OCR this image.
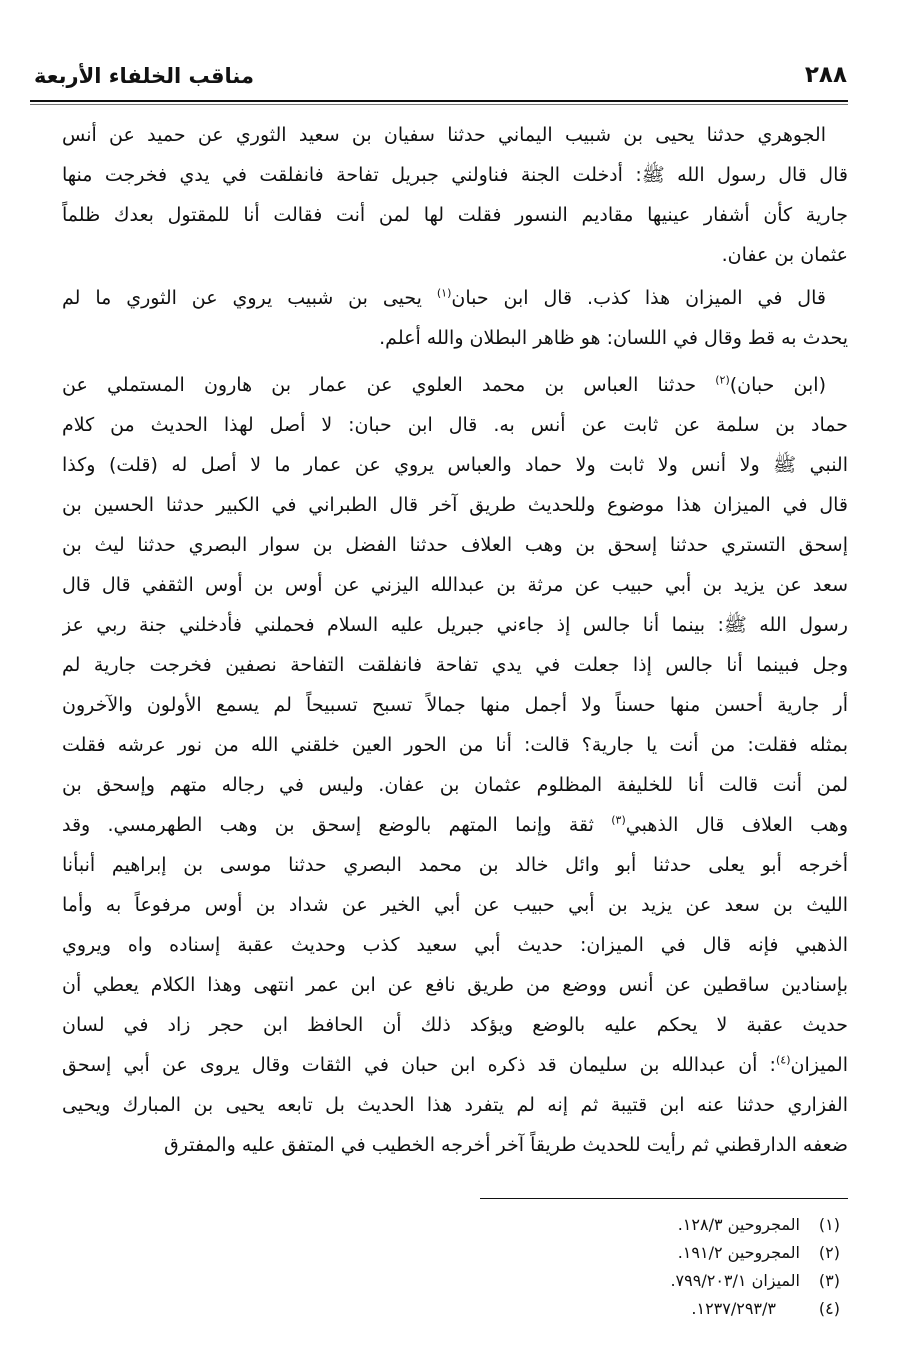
مناقب الخلفاء الأربعة	٢٨٨
الجوهري حدثنا يحيى بن شبيب اليماني حدثنا سفيان بن سعيد الثوري عن حميد عن أنس
قال قال رسول الله ﷺ: أدخلت الجنة فناولني جبريل تفاحة فانفلقت في يدي فخرجت منها
جارية كأن أشفار عينيها مقاديم النسور فقلت لها لمن أنت فقالت أنا للمقتول بعدك ظلماً
عثمان بن عفان.
قال في الميزان هذا كذب. قال ابن حبان$^{(١)}$ يحيى بن شبيب يروي عن الثوري ما لم
يحدث به قط وقال في اللسان: هو ظاهر البطلان والله أعلم.
(ابن حبان)$^{(٢)}$ حدثنا العباس بن محمد العلوي عن عمار بن هارون المستملي عن
حماد بن سلمة عن ثابت عن أنس به. قال ابن حبان: لا أصل لهذا الحديث من كلام
النبي ﷺ ولا أنس ولا ثابت ولا حماد والعباس يروي عن عمار ما لا أصل له (قلت) وكذا
قال في الميزان هذا موضوع وللحديث طريق آخر قال الطبراني في الكبير حدثنا الحسين بن
إسحق التستري حدثنا إسحق بن وهب العلاف حدثنا الفضل بن سوار البصري حدثنا ليث بن
سعد عن يزيد بن أبي حبيب عن مرثة بن عبدالله اليزني عن أوس بن أوس الثقفي قال قال
رسول الله ﷺ: بينما أنا جالس إذ جاءني جبريل عليه السلام فحملني فأدخلني جنة ربي عز
وجل فبينما أنا جالس إذا جعلت في يدي تفاحة فانفلقت التفاحة نصفين فخرجت جارية لم
أر جارية أحسن منها حسناً ولا أجمل منها جمالاً تسبح تسبيحاً لم يسمع الأولون والآخرون
بمثله فقلت: من أنت يا جارية؟ قالت: أنا من الحور العين خلقني الله من نور عرشه فقلت
لمن أنت قالت أنا للخليفة المظلوم عثمان بن عفان. وليس في رجاله متهم وإسحق بن
وهب العلاف قال الذهبي$^{(٣)}$ ثقة وإنما المتهم بالوضع إسحق بن وهب الطهرمسي. وقد
أخرجه أبو يعلى حدثنا أبو وائل خالد بن محمد البصري حدثنا موسى بن إبراهيم أنبأنا
الليث بن سعد عن يزيد بن أبي حبيب عن أبي الخير عن شداد بن أوس مرفوعاً به وأما
الذهبي فإنه قال في الميزان: حديث أبي سعيد كذب وحديث عقبة إسناده واه ويروي
بإسنادين ساقطين عن أنس ووضع من طريق نافع عن ابن عمر انتهى وهذا الكلام يعطي أن
حديث عقبة لا يحكم عليه بالوضع ويؤكد ذلك أن الحافظ ابن حجر زاد في لسان
الميزان$^{(٤)}$: أن عبدالله بن سليمان قد ذكره ابن حبان في الثقات وقال يروى عن أبي إسحق
الفزاري حدثنا عنه ابن قتيبة ثم إنه لم يتفرد هذا الحديث بل تابعه يحيى بن المبارك ويحيى
ضعفه الدارقطني ثم رأيت للحديث طريقاً آخر أخرجه الخطيب في المتفق عليه والمفترق
(١)المجروحين ٣/‏١٢٨.
(٢)المجروحين ٢/‏١٩١.
(٣)الميزان ١/‏٢٠٣/‏٧٩٩.
(٤)٣/‏٢٩٣/‏١٢٣٧.
